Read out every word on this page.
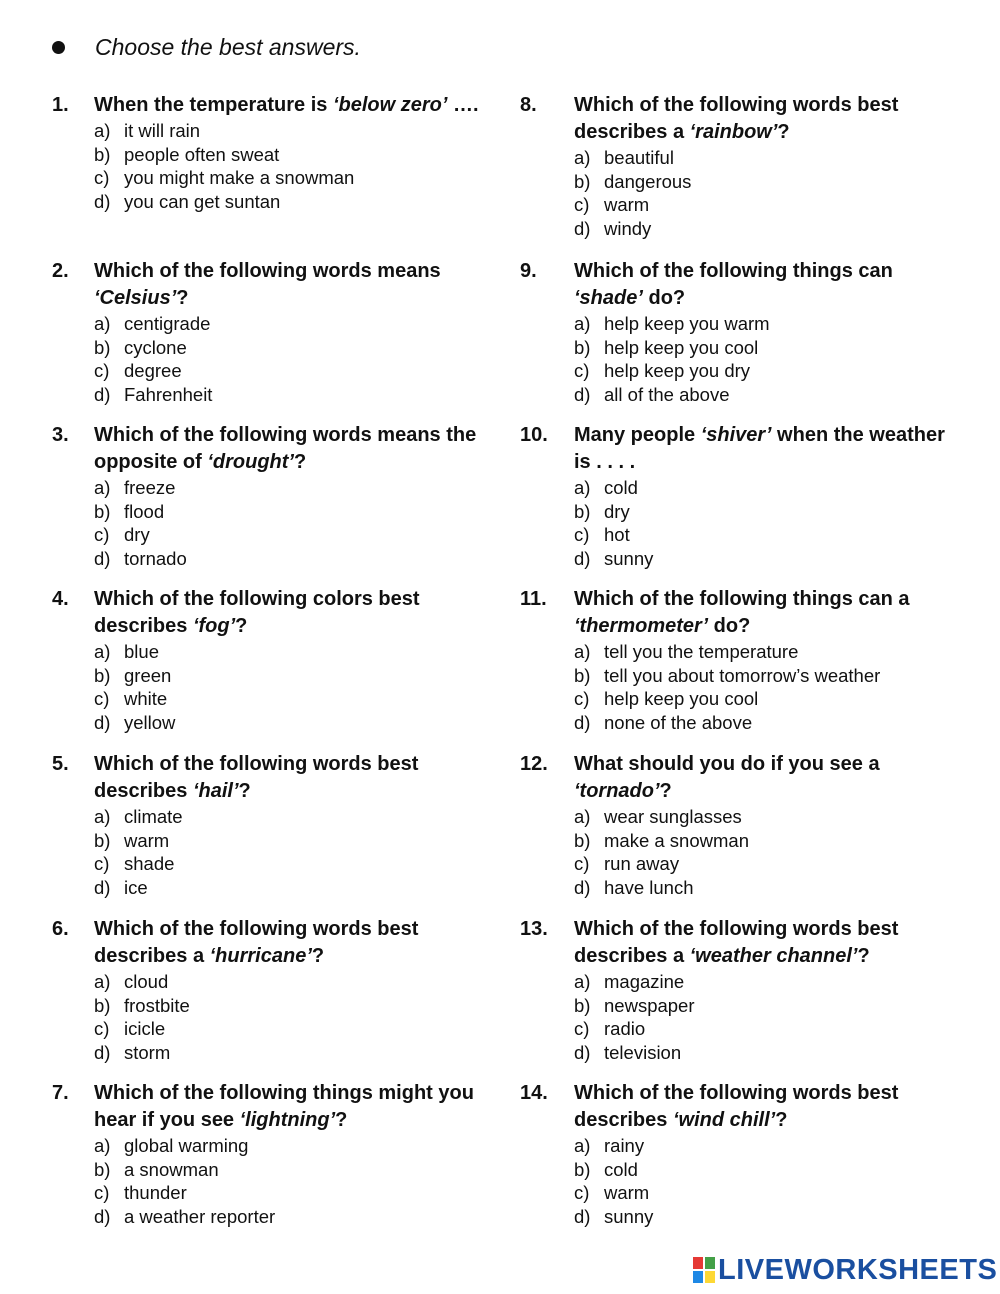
Choose the best answers.
1.	When the temperature is ‘below zero’ ….
a) it will rain
b) people often sweat
c) you might make a snowman
d) you can get suntan
2.	Which of the following words means ‘Celsius’?
a) centigrade
b) cyclone
c) degree
d) Fahrenheit
3.	Which of the following words means the opposite of ‘drought’?
a) freeze
b) flood
c) dry
d) tornado
4.	Which of the following colors best describes ‘fog’?
a) blue
b) green
c) white
d) yellow
5.	Which of the following words best describes ‘hail’?
a) climate
b) warm
c) shade
d) ice
6.	Which of the following words best describes a ‘hurricane’?
a) cloud
b) frostbite
c) icicle
d) storm
7.	Which of the following things might you hear if you see ‘lightning’?
a) global warming
b) a snowman
c) thunder
d) a weather reporter
8.	Which of the following words best describes a ‘rainbow’?
a) beautiful
b) dangerous
c) warm
d) windy
9.	Which of the following things can ‘shade’ do?
a) help keep you warm
b) help keep you cool
c) help keep you dry
d) all of the above
10.	Many people ‘shiver’ when the weather is . . . .
a) cold
b) dry
c) hot
d) sunny
11.	Which of the following things can a ‘thermometer’ do?
a) tell you the temperature
b) tell you about tomorrow’s weather
c) help keep you cool
d) none of the above
12.	What should you do if you see a ‘tornado’?
a) wear sunglasses
b) make a snowman
c) run away
d) have lunch
13.	Which of the following words best describes a ‘weather channel’?
a) magazine
b) newspaper
c) radio
d) television
14.	Which of the following words best describes ‘wind chill’?
a) rainy
b) cold
c) warm
d) sunny
LIVEWORKSHEETS
